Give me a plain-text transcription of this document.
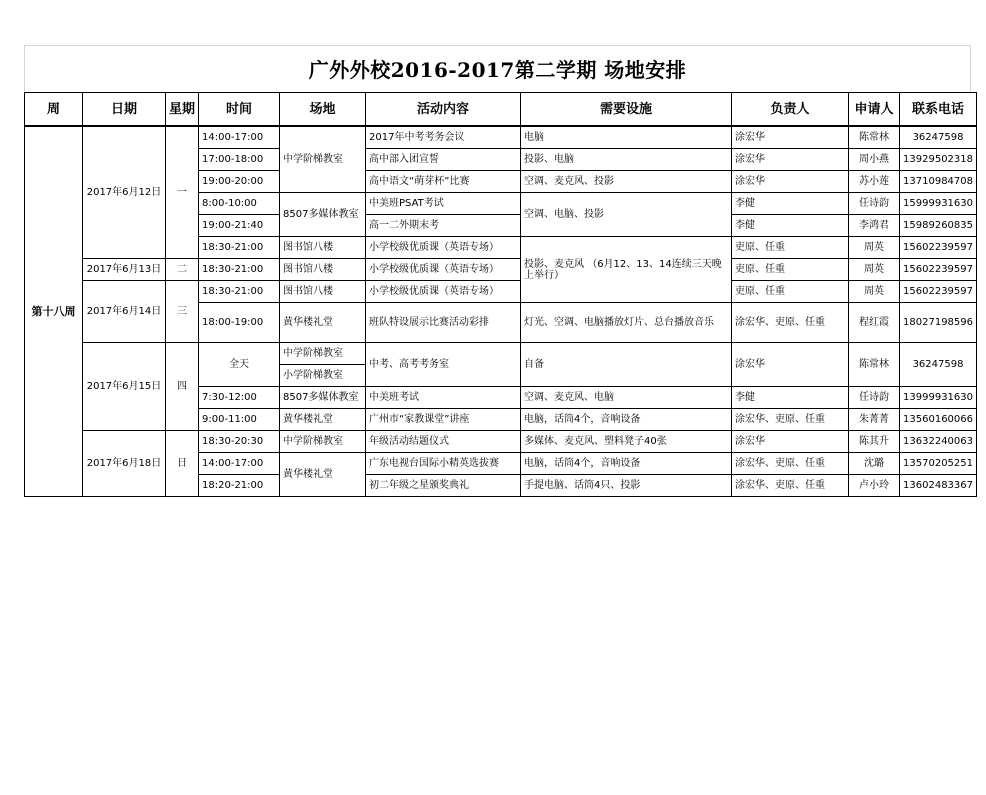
广外外校2016-2017第二学期 场地安排
周	日期	星期	时间	场地	活动内容	需要设施	负责人	申请人	联系电话
第十八周	2017年6月12日	一	14:00-17:00	中学阶梯教室	2017年中考考务会议	电脑	涂宏华	陈常林	36247598
			17:00-18:00		高中部入团宣誓	投影、电脑	涂宏华	周小燕	13929502318
			19:00-20:00		高中语文“萌芽杯”比赛	空调、麦克风、投影	涂宏华	苏小莲	13710984708
			8:00-10:00	8507多媒体教室	中美班PSAT考试	空调、电脑、投影	李健	任诗韵	15999931630
			19:00-21:40		高一二外期末考		李健	李鸿君	15989260835
			18:30-21:00	图书馆八楼	小学校级优质课（英语专场）	投影、麦克风 （6月12、13、14连续三天晚上举行）	吏原、任重	周英	15602239597
	2017年6月13日	二	18:30-21:00	图书馆八楼	小学校级优质课（英语专场）		吏原、任重	周英	15602239597
	2017年6月14日	三	18:30-21:00	图书馆八楼	小学校级优质课（英语专场）		吏原、任重	周英	15602239597
			18:00-19:00	黄华楼礼堂	班队特设展示比赛活动彩排	灯光、空调、电脑播放灯片、总台播放音乐	涂宏华、吏原、任重	程红霞	18027198596
	2017年6月15日	四	全天	中学阶梯教室	中考、高考考务室	自备	涂宏华	陈常林	36247598
				小学阶梯教室					
			7:30-12:00	8507多媒体教室	中美班考试	空调、麦克风、电脑	李健	任诗韵	13999931630
			9:00-11:00	黄华楼礼堂	广州市“家教课堂”讲座	电脑，话筒4个，音响设备	涂宏华、吏原、任重	朱菁菁	13560160066
	2017年6月18日	日	18:30-20:30	中学阶梯教室	年级活动结题仪式	多媒体、麦克风、塑料凳子40张	涂宏华	陈其升	13632240063
			14:00-17:00	黄华楼礼堂	广东电视台国际小精英选拔赛	电脑，话筒4个，音响设备	涂宏华、吏原、任重	沈璐	13570205251
			18:20-21:00		初二年级之星颁奖典礼	手提电脑、话筒4只、投影	涂宏华、吏原、任重	卢小玲	13602483367
